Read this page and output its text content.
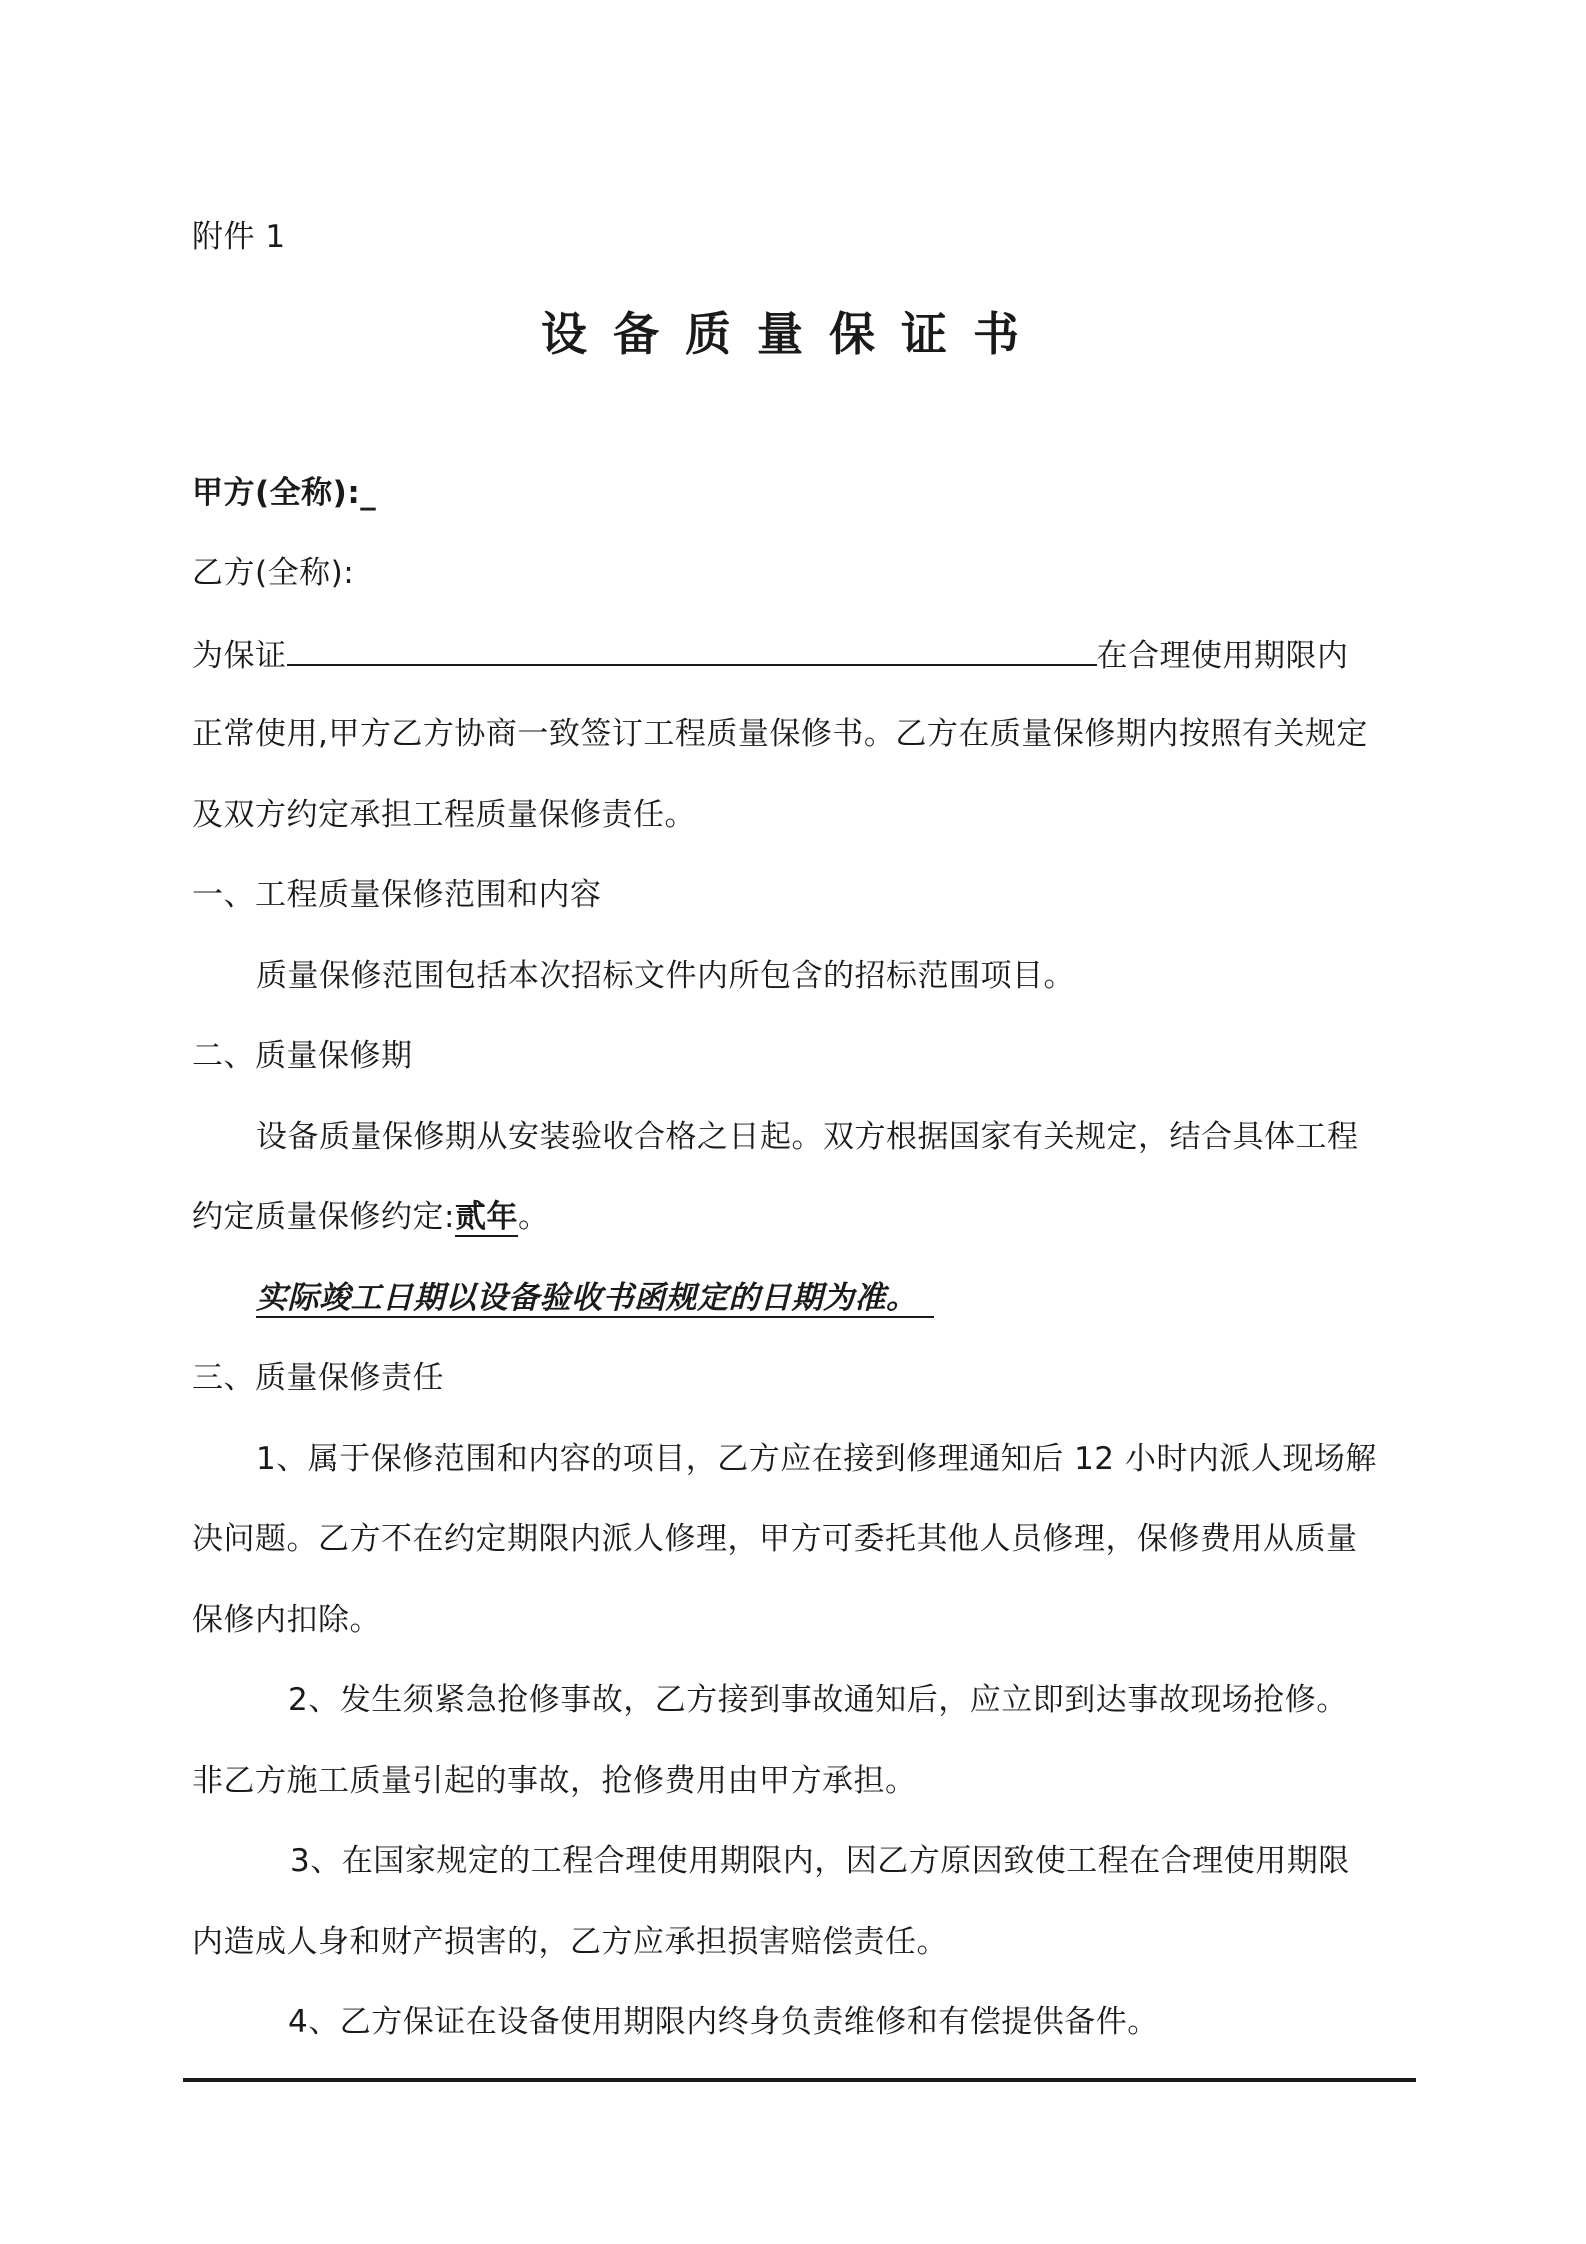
附件 1
设备质量保证书
甲方(全称):_
乙方(全称):
为保证	在合理使用期限内
正常使用,甲方乙方协商一致签订工程质量保修书。乙方在质量保修期内按照有关规定
及双方约定承担工程质量保修责任。
一、工程质量保修范围和内容
质量保修范围包括本次招标文件内所包含的招标范围项目。
二、质量保修期
设备质量保修期从安装验收合格之日起。双方根据国家有关规定，结合具体工程
约定质量保修约定:贰年。
实际竣工日期以设备验收书函规定的日期为准。
三、质量保修责任
1、属于保修范围和内容的项目，乙方应在接到修理通知后 12 小时内派人现场解
决问题。乙方不在约定期限内派人修理，甲方可委托其他人员修理，保修费用从质量
保修内扣除。
2、发生须紧急抢修事故，乙方接到事故通知后，应立即到达事故现场抢修。
非乙方施工质量引起的事故，抢修费用由甲方承担。
3、在国家规定的工程合理使用期限内，因乙方原因致使工程在合理使用期限
内造成人身和财产损害的，乙方应承担损害赔偿责任。
4、乙方保证在设备使用期限内终身负责维修和有偿提供备件。
